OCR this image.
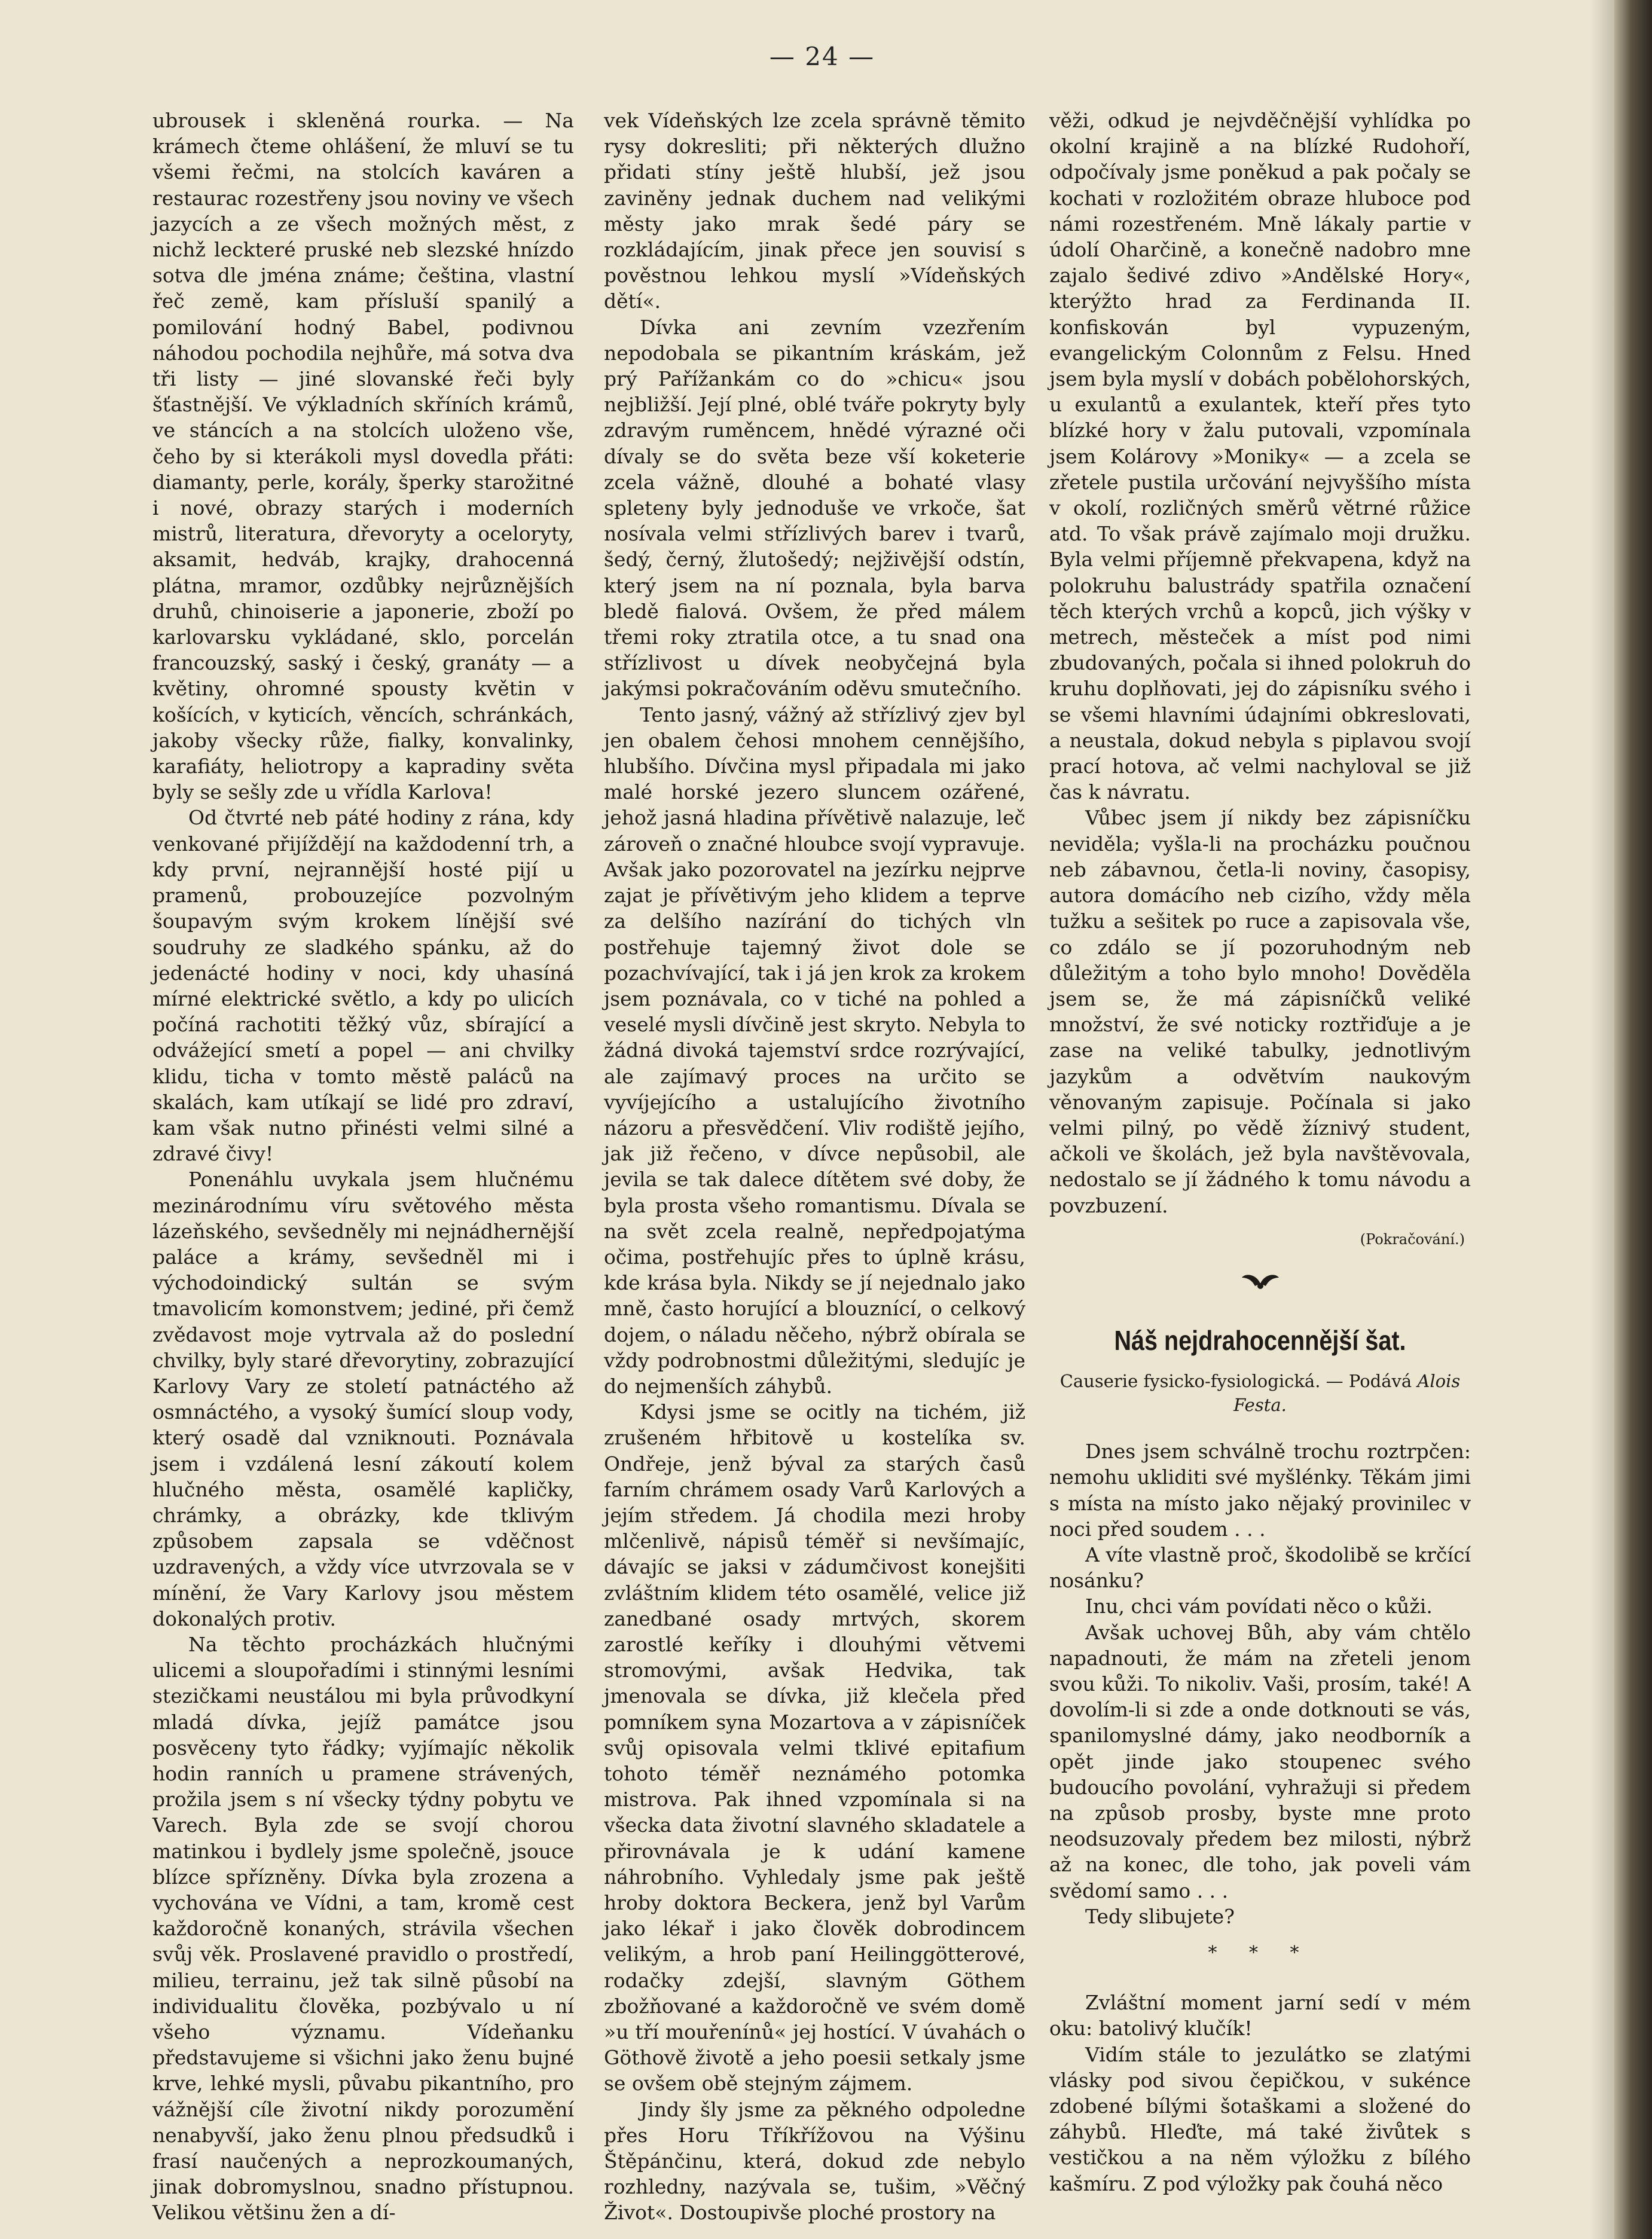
— 24 —

ubrousek i skleněná rourka. — Na krámech čteme ohlášení, že mluví se tu všemi řečmi, na stolcích kaváren a restaurac rozestřeny jsou noviny ve všech jazycích a ze všech možných měst, z nichž leckteré pruské neb slezské hnízdo sotva dle jména známe; čeština, vlastní řeč země, kam přísluší spanilý a pomilování hodný Babel, podivnou náhodou pochodila nejhůře, má sotva dva tři listy — jiné slovanské řeči byly šťastnější. Ve výkladních skříních krámů, ve stáncích a na stolcích uloženo vše, čeho by si kterákoli mysl dovedla přáti: diamanty, perle, korály, šperky starožitné i nové, obrazy starých i moderních mistrů, literatura, dřevoryty a oceloryty, aksamit, hedváb, krajky, drahocenná plátna, mramor, ozdůbky nejrůznějších druhů, chinoiserie a japonerie, zboží po karlovarsku vykládané, sklo, porcelán francouzský, saský i český, granáty — a květiny, ohromné spousty květin v košících, v kyticích, věncích, schránkách, jakoby všecky růže, fialky, konvalinky, karafiáty, heliotropy a kapradiny světa byly se sešly zde u vřídla Karlova!

Od čtvrté neb páté hodiny z rána, kdy venkované přijíždějí na každodenní trh, a kdy první, nejrannější hosté pijí u pramenů, probouzejíce pozvolným šoupavým svým krokem línější své soudruhy ze sladkého spánku, až do jedenácté hodiny v noci, kdy uhasíná mírné elektrické světlo, a kdy po ulicích počíná rachotiti těžký vůz, sbírající a odvážející smetí a popel — ani chvilky klidu, ticha v tomto městě paláců na skalách, kam utíkají se lidé pro zdraví, kam však nutno přinésti velmi silné a zdravé čivy!

Ponenáhlu uvykala jsem hlučnému mezinárodnímu víru světového města lázeňského, sevšedněly mi nejnádhernější paláce a krámy, sevšedněl mi i východoindický sultán se svým tmavolicím komonstvem; jediné, při čemž zvědavost moje vytrvala až do poslední chvilky, byly staré dřevorytiny, zobrazující Karlovy Vary ze století patnáctého až osmnáctého, a vysoký šumící sloup vody, který osadě dal vzniknouti. Poznávala jsem i vzdálená lesní zákoutí kolem hlučného města, osamělé kapličky, chrámky, a obrázky, kde tklivým způsobem zapsala se vděčnost uzdravených, a vždy více utvrzovala se v mínění, že Vary Karlovy jsou městem dokonalých protiv.

Na těchto procházkách hlučnými ulicemi a sloupořadími i stinnými lesními stezičkami neustálou mi byla průvodkyní mladá dívka, jejíž památce jsou posvěceny tyto řádky; vyjímajíc několik hodin ranních u pramene strávených, prožila jsem s ní všecky týdny pobytu ve Varech. Byla zde se svojí chorou matinkou i bydlely jsme společně, jsouce blízce spřízněny. Dívka byla zrozena a vychována ve Vídni, a tam, kromě cest každoročně konaných, strávila všechen svůj věk. Proslavené pravidlo o prostředí, milieu, terrainu, jež tak silně působí na individualitu člověka, pozbývalo u ní všeho významu. Vídeňanku představujeme si všichni jako ženu bujné krve, lehké mysli, půvabu pikantního, pro vážnější cíle životní nikdy porozumění nenabyvší, jako ženu plnou předsudků i frasí naučených a neprozkoumaných, jinak dobromyslnou, snadno přístupnou. Velikou většinu žen a dí-

vek Vídeňských lze zcela správně těmito rysy dokresliti; při některých dlužno přidati stíny ještě hlubší, jež jsou zaviněny jednak duchem nad velikými městy jako mrak šedé páry se rozkládajícím, jinak přece jen souvisí s pověstnou lehkou myslí »Vídeňských dětí«.

Dívka ani zevním vzezřením nepodobala se pikantním kráskám, jež prý Pařížankám co do »chicu« jsou nejbližší. Její plné, oblé tváře pokryty byly zdravým ruměncem, hnědé výrazné oči dívaly se do světa beze vší koketerie zcela vážně, dlouhé a bohaté vlasy spleteny byly jednoduše ve vrkoče, šat nosívala velmi střízlivých barev i tvarů, šedý, černý, žlutošedý; nejživější odstín, který jsem na ní poznala, byla barva bledě fialová. Ovšem, že před málem třemi roky ztratila otce, a tu snad ona střízlivost u dívek neobyčejná byla jakýmsi pokračováním oděvu smutečního.

Tento jasný, vážný až střízlivý zjev byl jen obalem čehosi mnohem cennějšího, hlubšího. Dívčina mysl připadala mi jako malé horské jezero sluncem ozářené, jehož jasná hladina přívětivě nalazuje, leč zároveň o značné hloubce svojí vypravuje. Avšak jako pozorovatel na jezírku nejprve zajat je přívětivým jeho klidem a teprve za delšího nazírání do tichých vln postřehuje tajemný život dole se pozachvívající, tak i já jen krok za krokem jsem poznávala, co v tiché na pohled a veselé mysli dívčině jest skryto. Nebyla to žádná divoká tajemství srdce rozrývající, ale zajímavý proces na určito se vyvíjejícího a ustalujícího životního názoru a přesvědčení. Vliv rodiště jejího, jak již řečeno, v dívce nepůsobil, ale jevila se tak dalece dítětem své doby, že byla prosta všeho romantismu. Dívala se na svět zcela realně, nepředpojatýma očima, postřehujíc přes to úplně krásu, kde krása byla. Nikdy se jí nejednalo jako mně, často horující a blouznící, o celkový dojem, o náladu něčeho, nýbrž obírala se vždy podrobnostmi důležitými, sledujíc je do nejmenších záhybů.

Kdysi jsme se ocitly na tichém, již zrušeném hřbitově u kostelíka sv. Ondřeje, jenž býval za starých časů farním chrámem osady Varů Karlových a jejím středem. Já chodila mezi hroby mlčenlivě, nápisů téměř si nevšímajíc, dávajíc se jaksi v zádumčivost konejšiti zvláštním klidem této osamělé, velice již zanedbané osady mrtvých, skorem zarostlé keříky i dlouhými větvemi stromovými, avšak Hedvika, tak jmenovala se dívka, již klečela před pomníkem syna Mozartova a v zápisníček svůj opisovala velmi tklivé epitafium tohoto téměř neznámého potomka mistrova. Pak ihned vzpomínala si na všecka data životní slavného skladatele a přirovnávala je k udání kamene náhrobního. Vyhledaly jsme pak ještě hroby doktora Beckera, jenž byl Varům jako lékař i jako člověk dobrodincem velikým, a hrob paní Heilinggötterové, rodačky zdejší, slavným Göthem zbožňované a každoročně ve svém domě »u tří mouřenínů« jej hostící. V úvahách o Göthově životě a jeho poesii setkaly jsme se ovšem obě stejným zájmem.

Jindy šly jsme za pěkného odpoledne přes Horu Tříkřížovou na Výšinu Štěpánčinu, která, dokud zde nebylo rozhledny, nazývala se, tušim, »Věčný Život«. Dostoupivše ploché prostory na

věži, odkud je nejvděčnější vyhlídka po okolní krajině a na blízké Rudohoří, odpočívaly jsme poněkud a pak počaly se kochati v rozložitém obraze hluboce pod námi rozestřeném. Mně lákaly partie v údolí Oharčině, a konečně nadobro mne zajalo šedivé zdivo »Andělské Hory«, kterýžto hrad za Ferdinanda II. konfiskován byl vypuzeným, evangelickým Colonnům z Felsu. Hned jsem byla myslí v dobách pobělohorských, u exulantů a exulantek, kteří přes tyto blízké hory v žalu putovali, vzpomínala jsem Kolárovy »Moniky« — a zcela se zřetele pustila určování nejvyššího místa v okolí, rozličných směrů větrné růžice atd. To však právě zajímalo moji družku. Byla velmi příjemně překvapena, když na polokruhu balustrády spatřila označení těch kterých vrchů a kopců, jich výšky v metrech, městeček a míst pod nimi zbudovaných, počala si ihned polokruh do kruhu doplňovati, jej do zápisníku svého i se všemi hlavními údajními obkreslovati, a neustala, dokud nebyla s piplavou svojí prací hotova, ač velmi nachyloval se již čas k návratu.

Vůbec jsem jí nikdy bez zápisníčku neviděla; vyšla-li na procházku poučnou neb zábavnou, četla-li noviny, časopisy, autora domácího neb cizího, vždy měla tužku a sešitek po ruce a zapisovala vše, co zdálo se jí pozoruhodným neb důležitým a toho bylo mnoho! Dověděla jsem se, že má zápisníčků veliké množství, že své noticky roztřiďuje a je zase na veliké tabulky, jednotlivým jazykům a odvětvím naukovým věnovaným zapisuje. Počínala si jako velmi pilný, po vědě žíznivý student, ačkoli ve školách, jež byla navštěvovala, nedostalo se jí žádného k tomu návodu a povzbuzení.

(Pokračování.)
Náš nejdrahocennější šat.
Causerie fysicko-fysiologická. — Podává Alois Festa.

Dnes jsem schválně trochu roztrpčen: nemohu ukliditi své myšlénky. Těkám jimi s místa na místo jako nějaký provinilec v noci před soudem . . .

A víte vlastně proč, škodolibě se krčící nosánku?

Inu, chci vám povídati něco o kůži.

Avšak uchovej Bůh, aby vám chtělo napadnouti, že mám na zřeteli jenom svou kůži. To nikoliv. Vaši, prosím, také! A dovolím-li si zde a onde dotknouti se vás, spanilomyslné dámy, jako neodborník a opět jinde jako stoupenec svého budoucího povolání, vyhražuji si předem na způsob prosby, byste mne proto neodsuzovaly předem bez milosti, nýbrž až na konec, dle toho, jak poveli vám svědomí samo . . .

Tedy slibujete?

* * *

Zvláštní moment jarní sedí v mém oku: batolivý klučík!

Vidím stále to jezulátko se zlatými vlásky pod sivou čepičkou, v sukénce zdobené bílými šotaškami a složené do záhybů. Hleďte, má také živůtek s vestičkou a na něm výložku z bílého kašmíru. Z pod výložky pak čouhá něco
